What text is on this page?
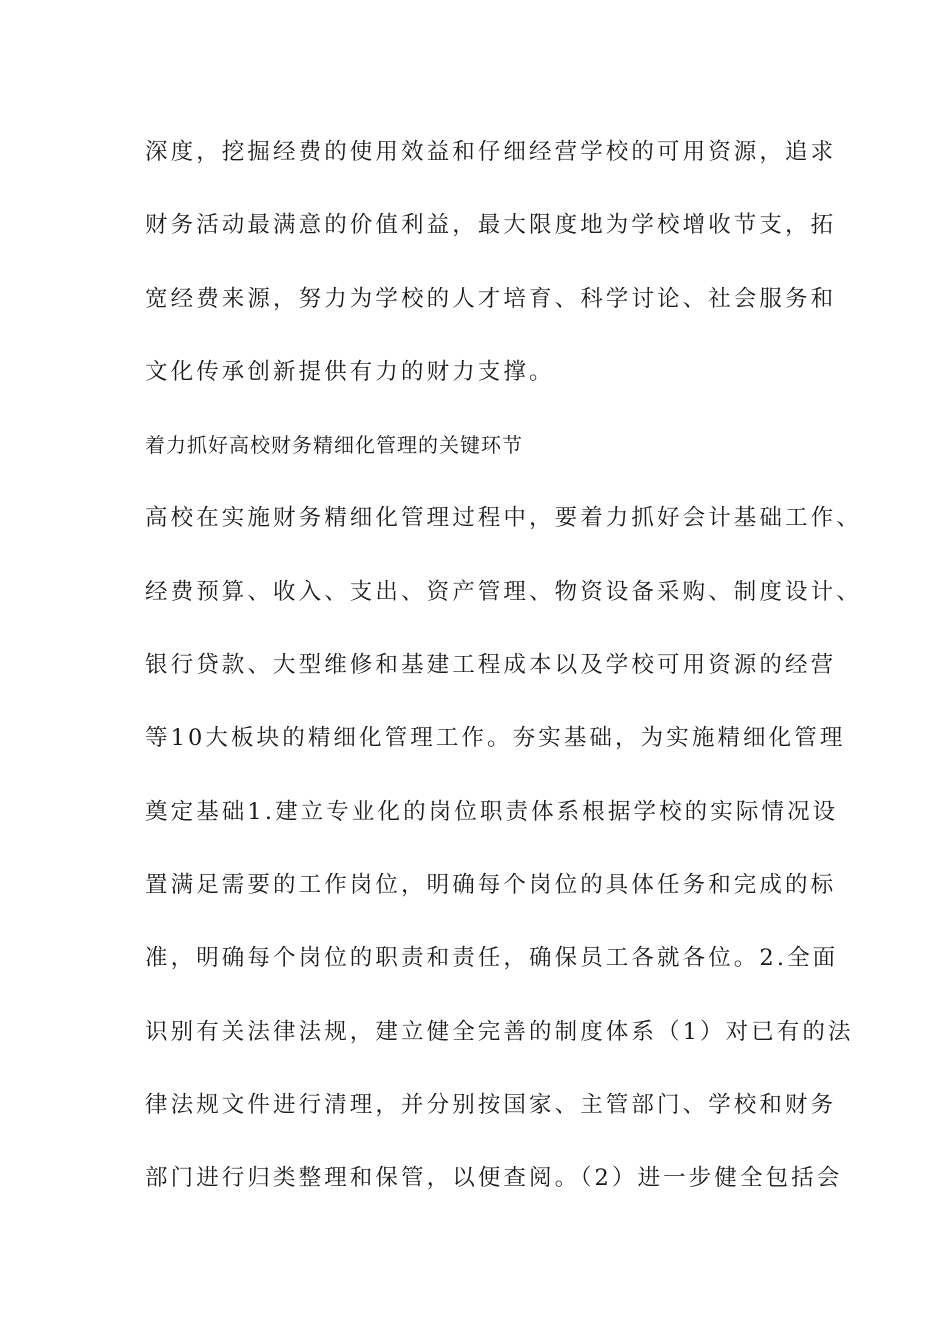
深度，挖掘经费的使用效益和仔细经营学校的可用资源，追求
财务活动最满意的价值利益，最大限度地为学校增收节支，拓
宽经费来源，努力为学校的人才培育、科学讨论、社会服务和
文化传承创新提供有力的财力支撑。
着力抓好高校财务精细化管理的关键环节
高校在实施财务精细化管理过程中，要着力抓好会计基础工作、
经费预算、收入、支出、资产管理、物资设备采购、制度设计、
银行贷款、大型维修和基建工程成本以及学校可用资源的经营
等10大板块的精细化管理工作。夯实基础，为实施精细化管理
奠定基础1.建立专业化的岗位职责体系根据学校的实际情况设
置满足需要的工作岗位，明确每个岗位的具体任务和完成的标
准，明确每个岗位的职责和责任，确保员工各就各位。2.全面
识别有关法律法规，建立健全完善的制度体系（1）对已有的法
律法规文件进行清理，并分别按国家、主管部门、学校和财务
部门进行归类整理和保管，以便查阅。（2）进一步健全包括会
